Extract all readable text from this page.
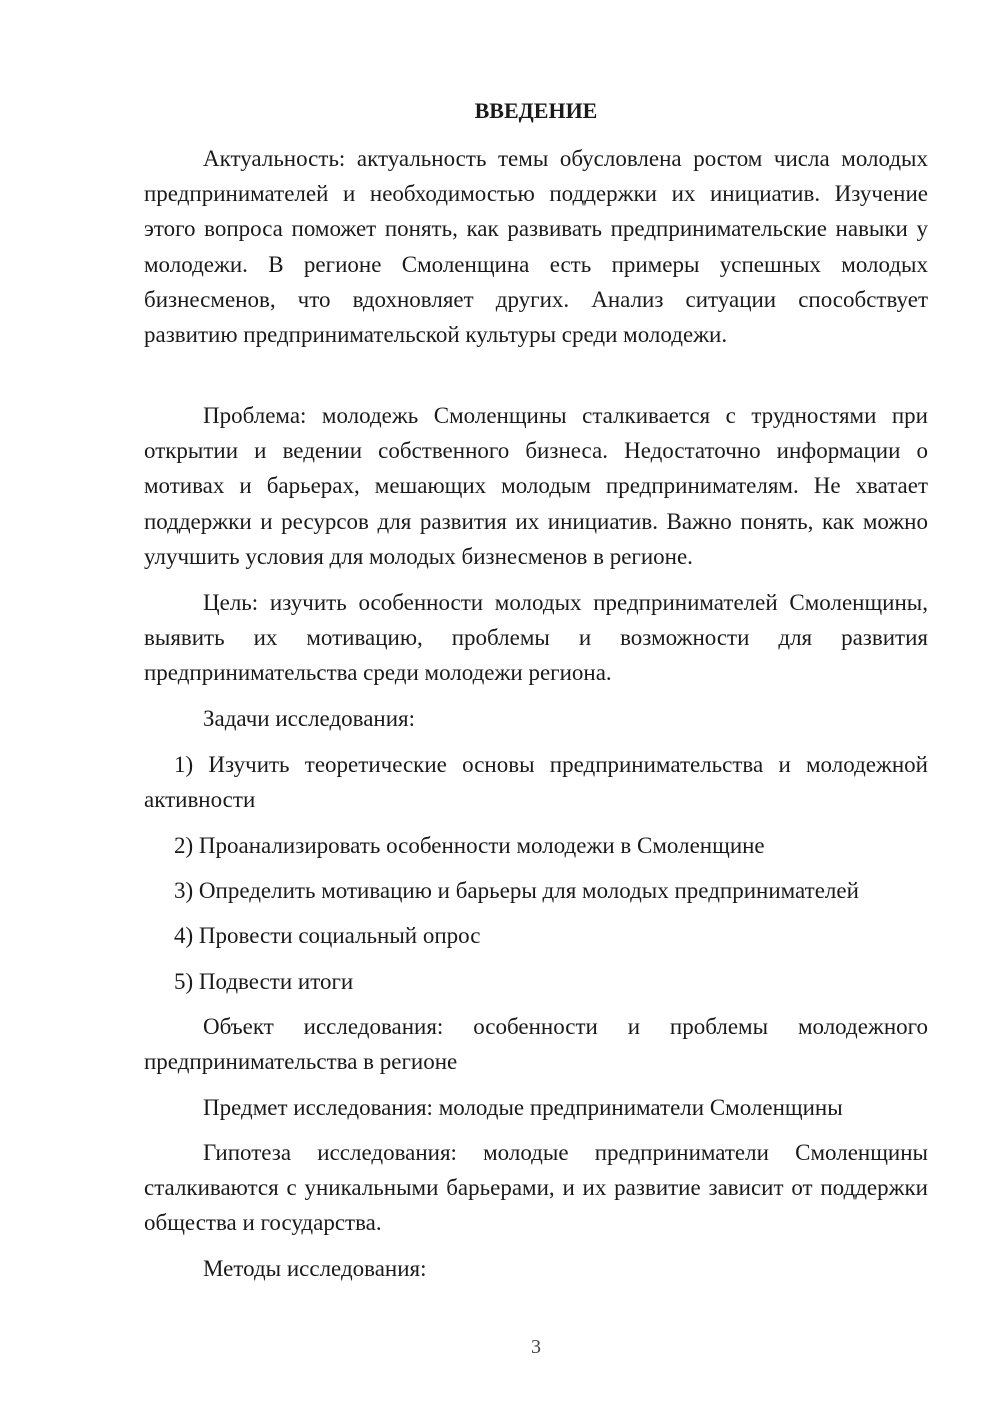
ВВЕДЕНИЕ

Актуальность: актуальность темы обусловлена ростом числа молодых предпринимателей и необходимостью поддержки их инициатив. Изучение этого вопроса поможет понять, как развивать предпринимательские навыки у молодежи. В регионе Смоленщина есть примеры успешных молодых бизнесменов, что вдохновляет других. Анализ ситуации способствует развитию предпринимательской культуры среди молодежи.

Проблема: молодежь Смоленщины сталкивается с трудностями при открытии и ведении собственного бизнеса. Недостаточно информации о мотивах и барьерах, мешающих молодым предпринимателям. Не хватает поддержки и ресурсов для развития их инициатив. Важно понять, как можно улучшить условия для молодых бизнесменов в регионе.

Цель: изучить особенности молодых предпринимателей Смоленщины, выявить их мотивацию, проблемы и возможности для развития предпринимательства среди молодежи региона.

Задачи исследования:

1) Изучить теоретические основы предпринимательства и молодежной активности

2) Проанализировать особенности молодежи в Смоленщине

3) Определить мотивацию и барьеры для молодых предпринимателей

4) Провести социальный опрос

5) Подвести итоги

Объект исследования: особенности и проблемы молодежного предпринимательства в регионе

Предмет исследования: молодые предприниматели Смоленщины

Гипотеза исследования: молодые предприниматели Смоленщины сталкиваются с уникальными барьерами, и их развитие зависит от поддержки общества и государства.

Методы исследования:

3
